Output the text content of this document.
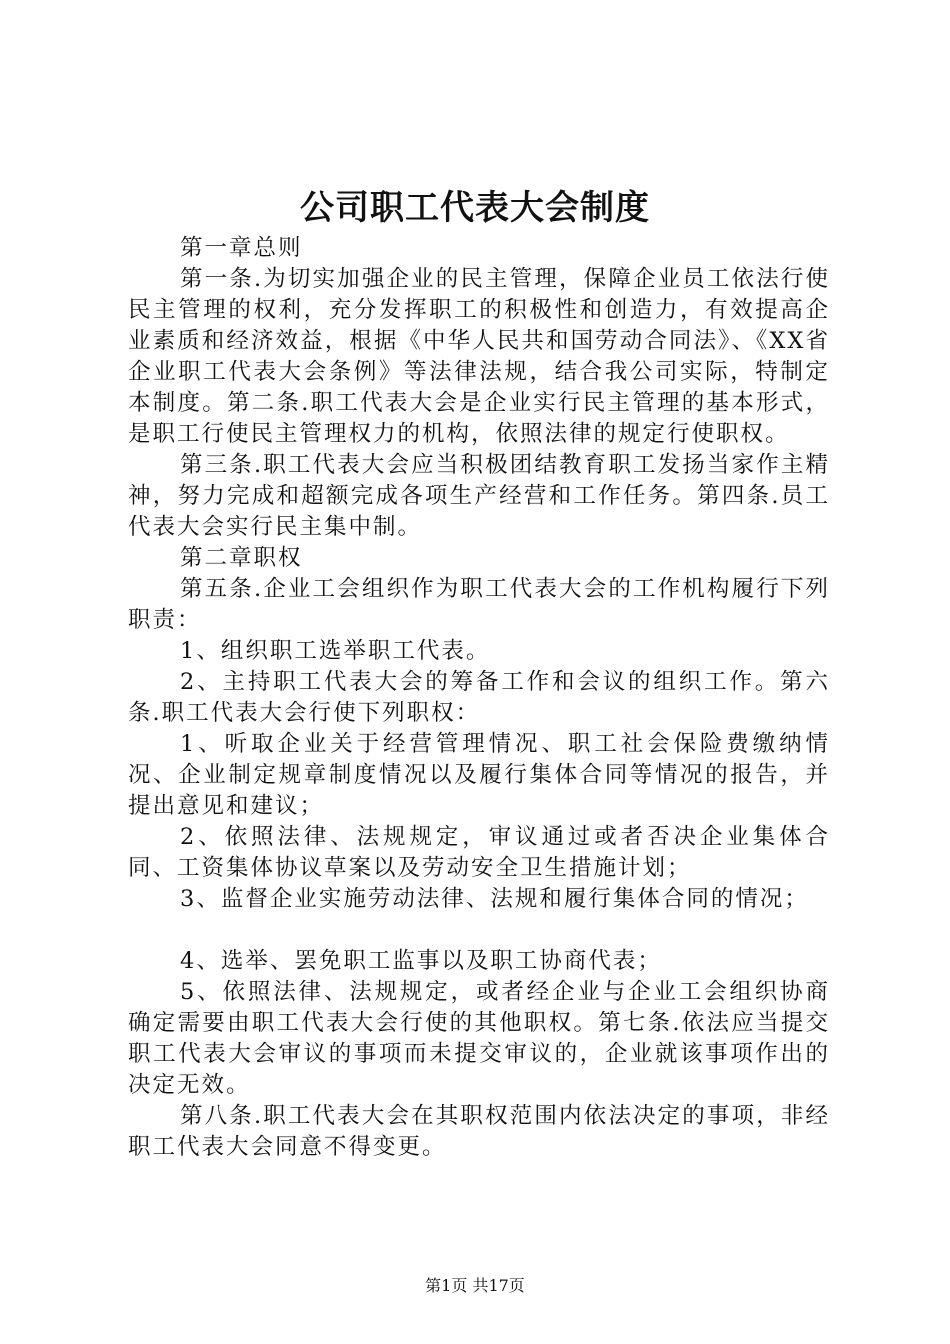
公司职工代表大会制度

第一章总则

第一条.为切实加强企业的民主管理，保障企业员工依法行使民主管理的权利，充分发挥职工的积极性和创造力，有效提高企业素质和经济效益，根据《中华人民共和国劳动合同法》、《XX省企业职工代表大会条例》等法律法规，结合我公司实际，特制定本制度。第二条.职工代表大会是企业实行民主管理的基本形式，是职工行使民主管理权力的机构，依照法律的规定行使职权。

第三条.职工代表大会应当积极团结教育职工发扬当家作主精神，努力完成和超额完成各项生产经营和工作任务。第四条.员工代表大会实行民主集中制。

第二章职权

第五条.企业工会组织作为职工代表大会的工作机构履行下列职责：

1、组织职工选举职工代表。

2、主持职工代表大会的筹备工作和会议的组织工作。第六条.职工代表大会行使下列职权：

1、听取企业关于经营管理情况、职工社会保险费缴纳情况、企业制定规章制度情况以及履行集体合同等情况的报告，并提出意见和建议；

2、依照法律、法规规定，审议通过或者否决企业集体合同、工资集体协议草案以及劳动安全卫生措施计划；

3、监督企业实施劳动法律、法规和履行集体合同的情况；

4、选举、罢免职工监事以及职工协商代表；

5、依照法律、法规规定，或者经企业与企业工会组织协商确定需要由职工代表大会行使的其他职权。第七条.依法应当提交职工代表大会审议的事项而未提交审议的，企业就该事项作出的决定无效。

第八条.职工代表大会在其职权范围内依法决定的事项，非经职工代表大会同意不得变更。

第1页 共17页
